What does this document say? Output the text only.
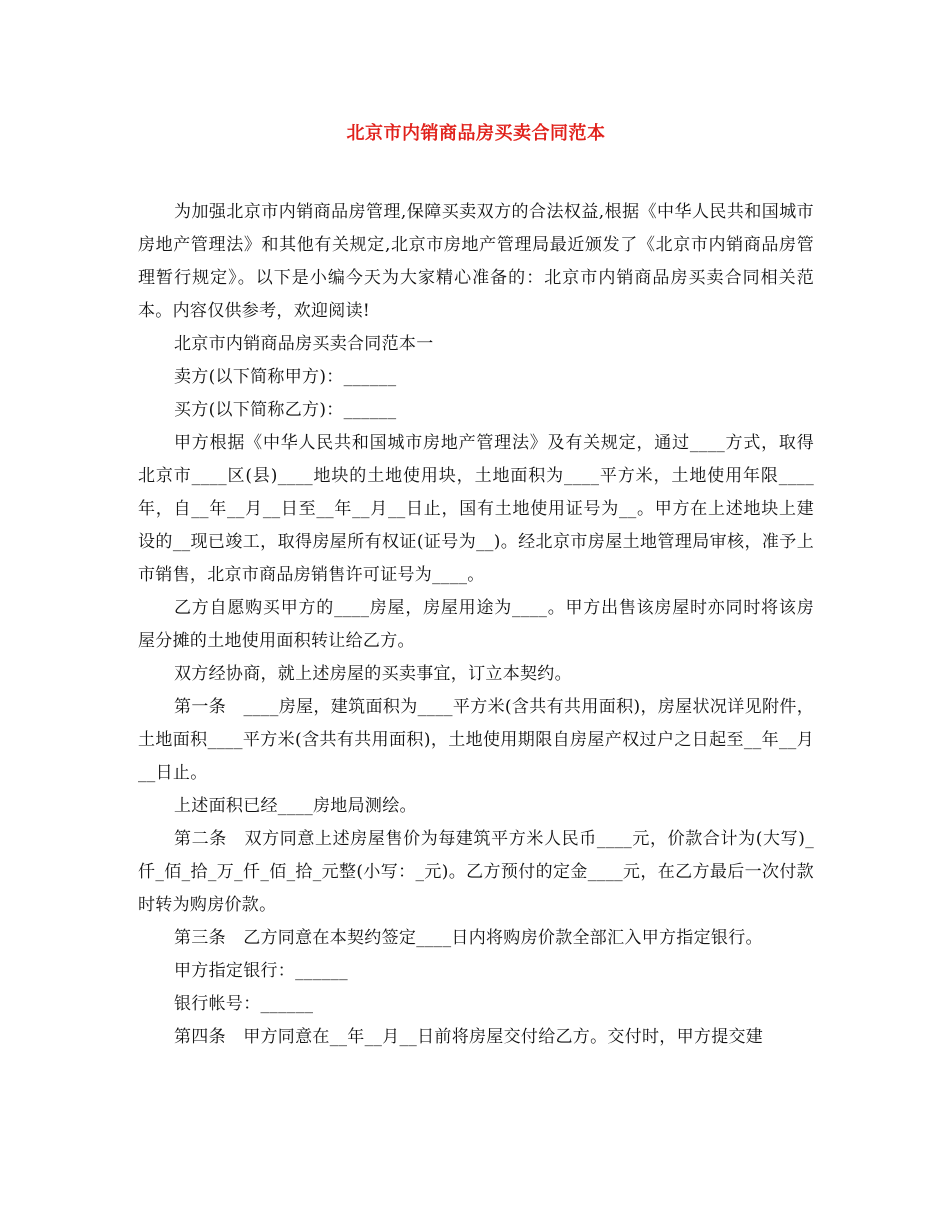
北京市内销商品房买卖合同范本

为加强北京市内销商品房管理,保障买卖双方的合法权益,根据《中华人民共和国城市房地产管理法》和其他有关规定,北京市房地产管理局最近颁发了《北京市内销商品房管理暂行规定》。以下是小编今天为大家精心准备的：北京市内销商品房买卖合同相关范本。内容仅供参考，欢迎阅读!

北京市内销商品房买卖合同范本一

卖方(以下简称甲方)：______

买方(以下简称乙方)：______

甲方根据《中华人民共和国城市房地产管理法》及有关规定，通过____方式，取得北京市____区(县)____地块的土地使用块，土地面积为____平方米，土地使用年限____年，自__年__月__日至__年__月__日止，国有土地使用证号为__。甲方在上述地块上建设的__现已竣工，取得房屋所有权证(证号为__)。经北京市房屋土地管理局审核，准予上市销售，北京市商品房销售许可证号为____。

乙方自愿购买甲方的____房屋，房屋用途为____。甲方出售该房屋时亦同时将该房屋分摊的土地使用面积转让给乙方。

双方经协商，就上述房屋的买卖事宜，订立本契约。

第一条　____房屋，建筑面积为____平方米(含共有共用面积)，房屋状况详见附件，土地面积____平方米(含共有共用面积)，土地使用期限自房屋产权过户之日起至__年__月__日止。

上述面积已经____房地局测绘。

第二条　双方同意上述房屋售价为每建筑平方米人民币____元，价款合计为(大写)_仟_佰_拾_万_仟_佰_拾_元整(小写：_元)。乙方预付的定金____元，在乙方最后一次付款时转为购房价款。

第三条　乙方同意在本契约签定____日内将购房价款全部汇入甲方指定银行。

甲方指定银行：______

银行帐号：______

第四条　甲方同意在__年__月__日前将房屋交付给乙方。交付时，甲方提交建
